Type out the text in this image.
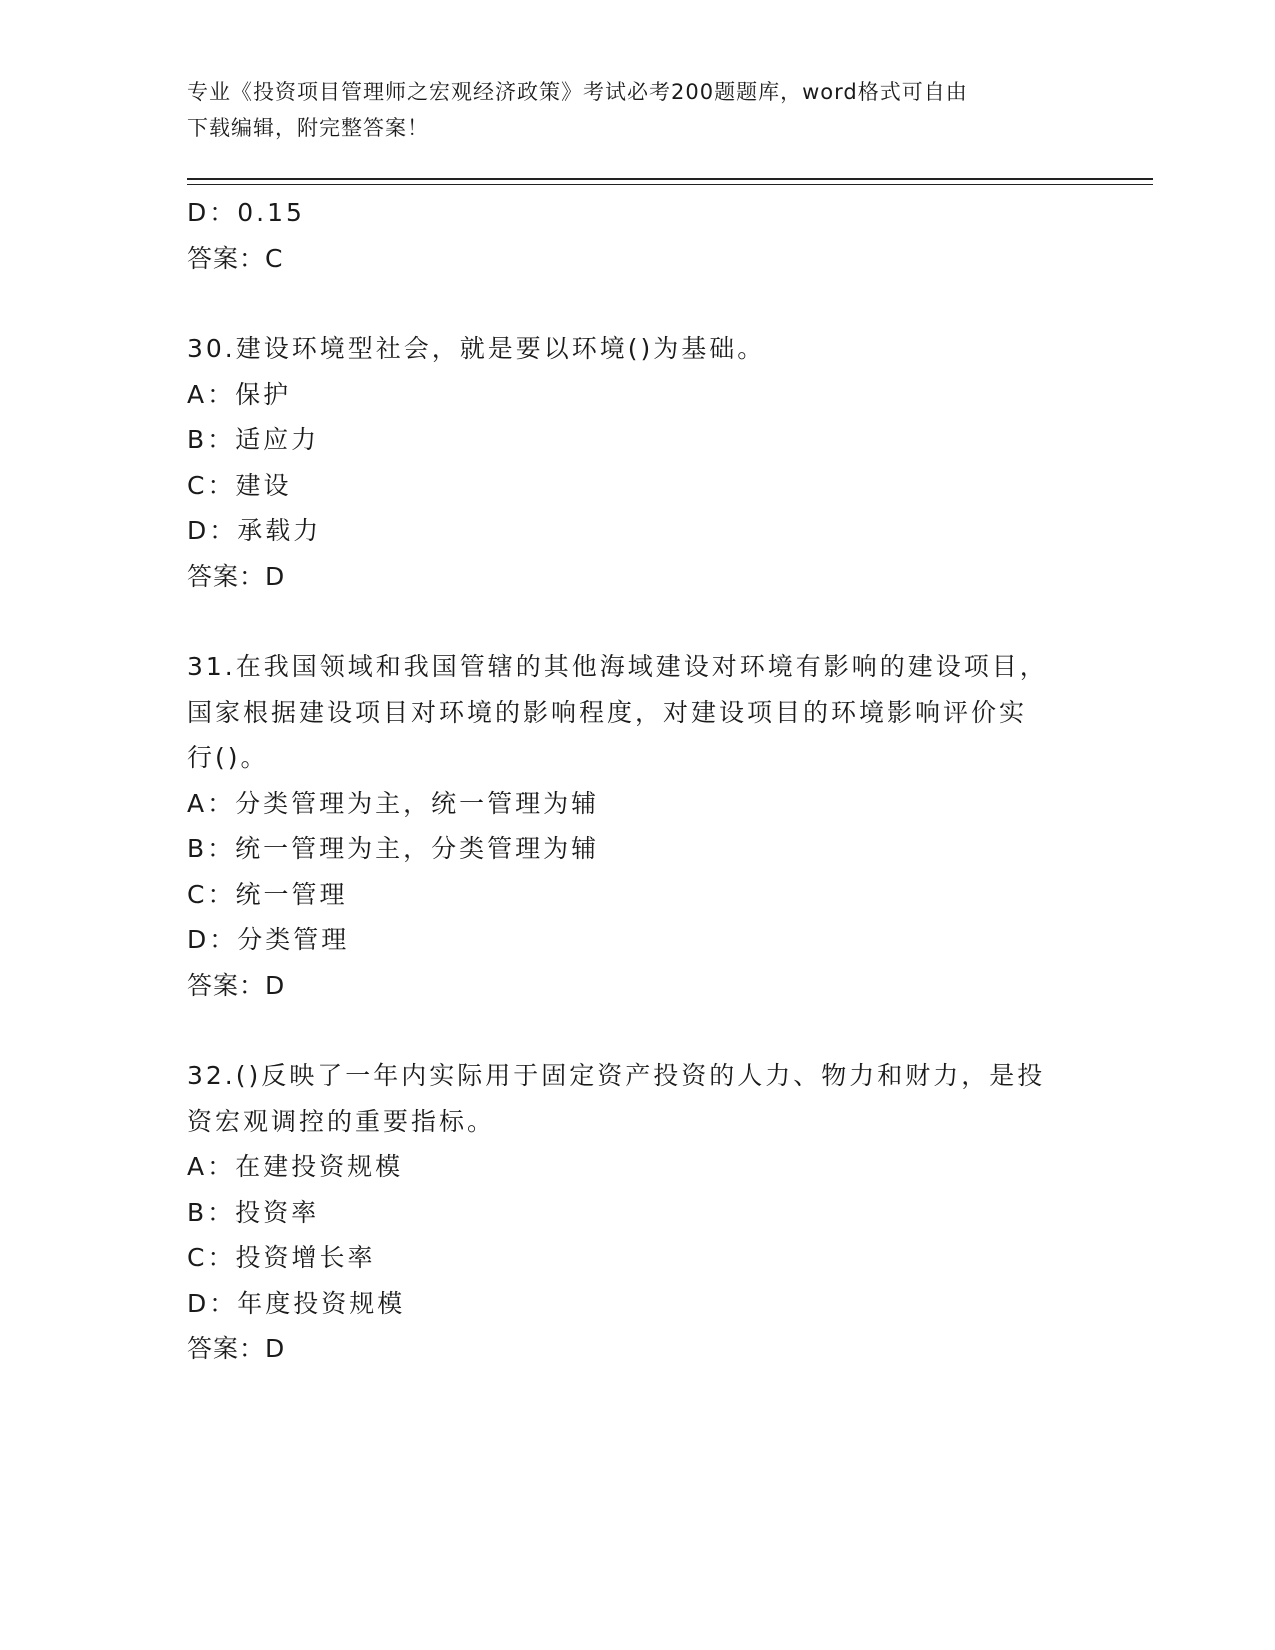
专业《投资项目管理师之宏观经济政策》考试必考200题题库，word格式可自由
下载编辑，附完整答案！
D：0.15
答案：C
30.建设环境型社会，就是要以环境()为基础。
A：保护
B：适应力
C：建设
D：承载力
答案：D
31.在我国领域和我国管辖的其他海域建设对环境有影响的建设项目，
国家根据建设项目对环境的影响程度，对建设项目的环境影响评价实
行()。
A：分类管理为主，统一管理为辅
B：统一管理为主，分类管理为辅
C：统一管理
D：分类管理
答案：D
32.()反映了一年内实际用于固定资产投资的人力、物力和财力，是投
资宏观调控的重要指标。
A：在建投资规模
B：投资率
C：投资增长率
D：年度投资规模
答案：D
